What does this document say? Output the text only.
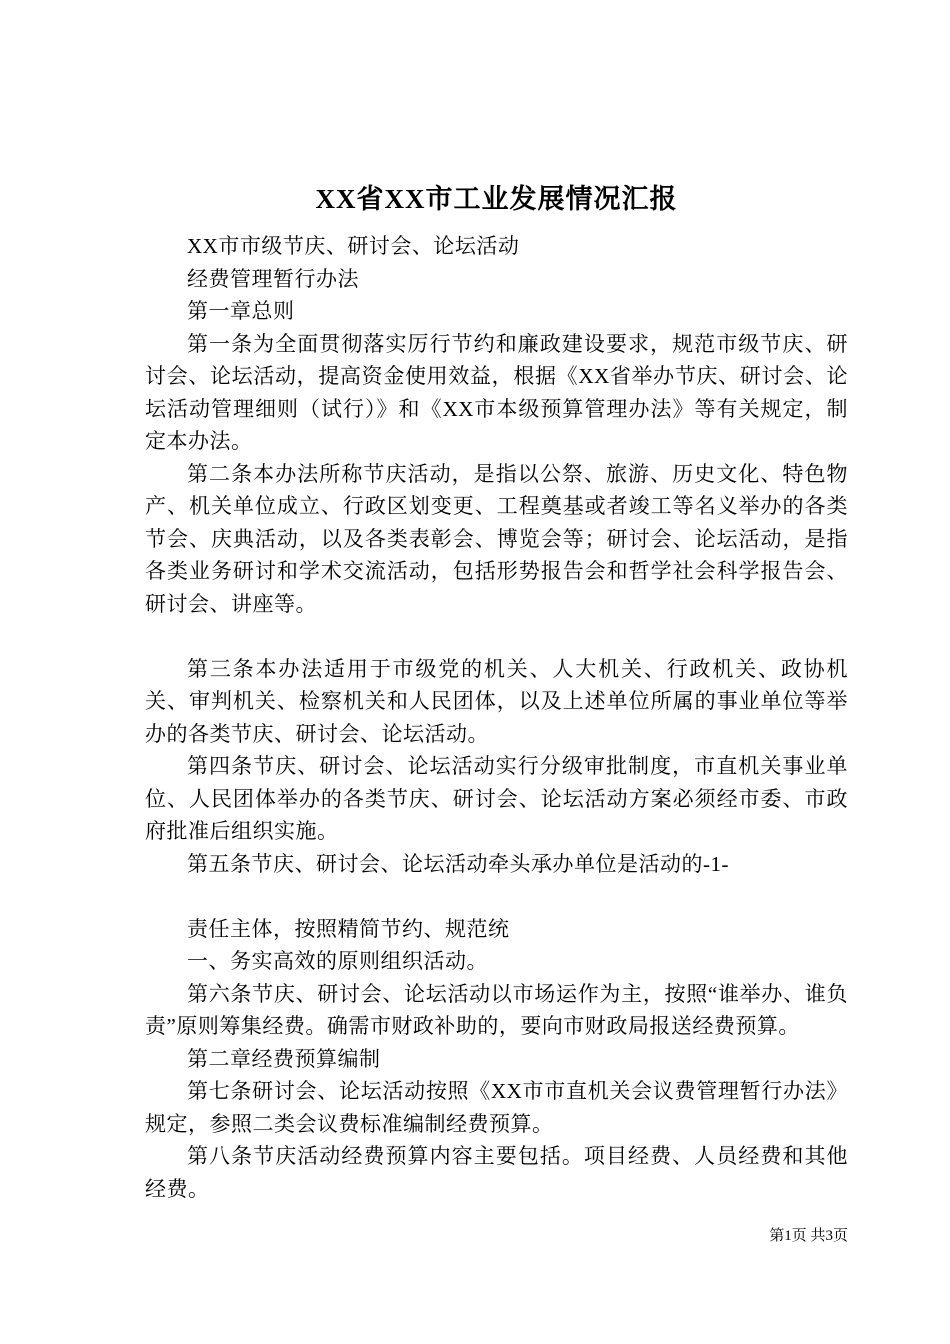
XX省XX市工业发展情况汇报

XX市市级节庆、研讨会、论坛活动

经费管理暂行办法

第一章总则

第一条为全面贯彻落实厉行节约和廉政建设要求，规范市级节庆、研讨会、论坛活动，提高资金使用效益，根据《XX省举办节庆、研讨会、论坛活动管理细则（试行）》和《XX市本级预算管理办法》等有关规定，制定本办法。

第二条本办法所称节庆活动，是指以公祭、旅游、历史文化、特色物产、机关单位成立、行政区划变更、工程奠基或者竣工等名义举办的各类节会、庆典活动，以及各类表彰会、博览会等；研讨会、论坛活动，是指各类业务研讨和学术交流活动，包括形势报告会和哲学社会科学报告会、研讨会、讲座等。

第三条本办法适用于市级党的机关、人大机关、行政机关、政协机关、审判机关、检察机关和人民团体，以及上述单位所属的事业单位等举办的各类节庆、研讨会、论坛活动。

第四条节庆、研讨会、论坛活动实行分级审批制度，市直机关事业单位、人民团体举办的各类节庆、研讨会、论坛活动方案必须经市委、市政府批准后组织实施。

第五条节庆、研讨会、论坛活动牵头承办单位是活动的-1-

责任主体，按照精简节约、规范统

一、务实高效的原则组织活动。

第六条节庆、研讨会、论坛活动以市场运作为主，按照“谁举办、谁负责”原则筹集经费。确需市财政补助的，要向市财政局报送经费预算。

第二章经费预算编制

第七条研讨会、论坛活动按照《XX市市直机关会议费管理暂行办法》规定，参照二类会议费标准编制经费预算。

第八条节庆活动经费预算内容主要包括。项目经费、人员经费和其他经费。

第1页 共3页
